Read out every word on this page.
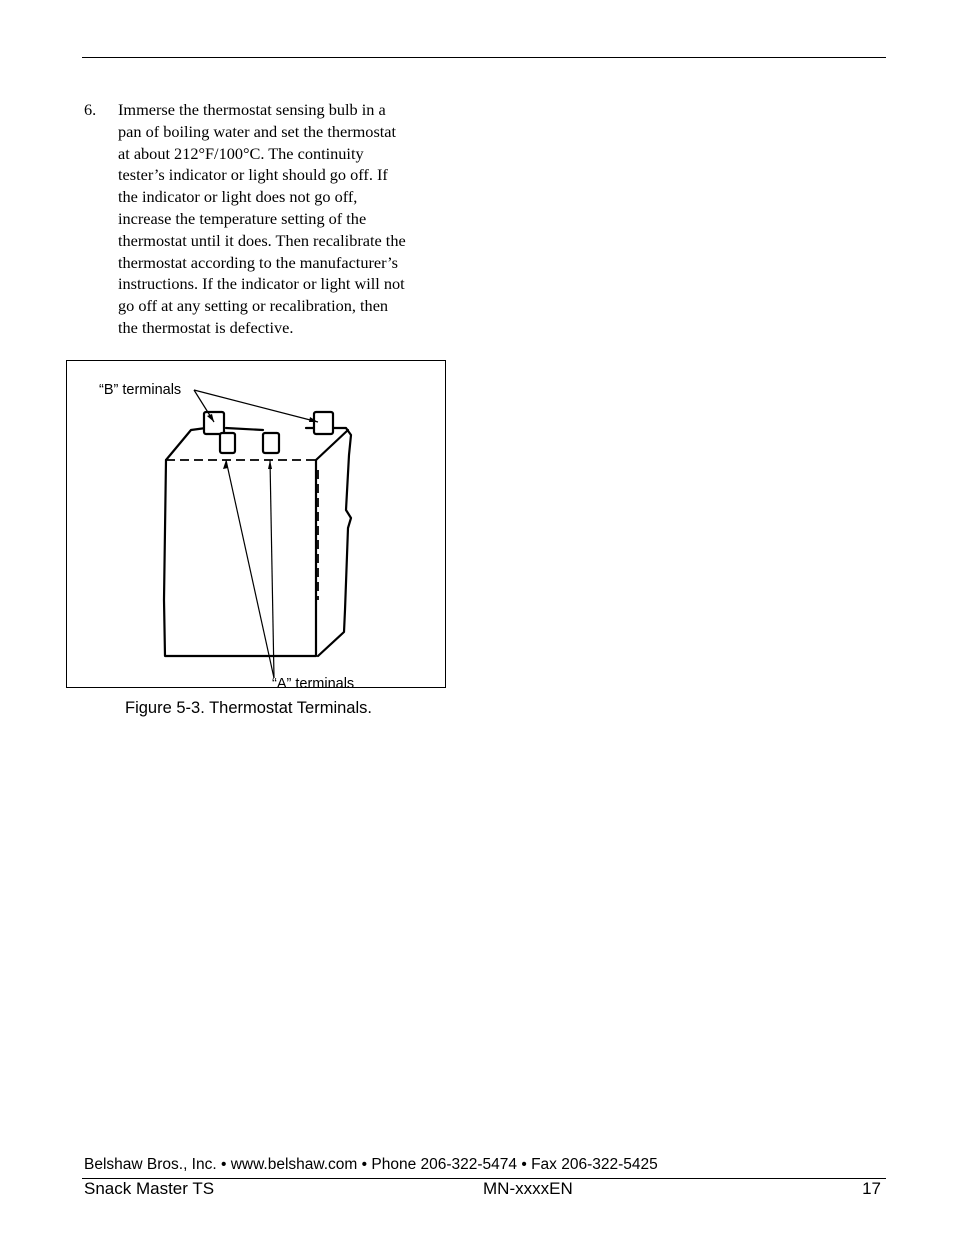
6. Immerse the thermostat sensing bulb in a
pan of boiling water and set the thermostat
at about 212°F/100°C. The continuity
tester’s indicator or light should go off. If
the indicator or light does not go off,
increase the temperature setting of the
thermostat until it does. Then recalibrate the
thermostat according to the manufacturer’s
instructions. If the indicator or light will not
go off at any setting or recalibration, then
the thermostat is defective.
“B” terminals
“A” terminals
Figure 5-3. Thermostat Terminals.
Belshaw Bros., Inc. • www.belshaw.com • Phone 206-322-5474 • Fax 206-322-5425
Snack Master TS	MN-xxxxEN	17
